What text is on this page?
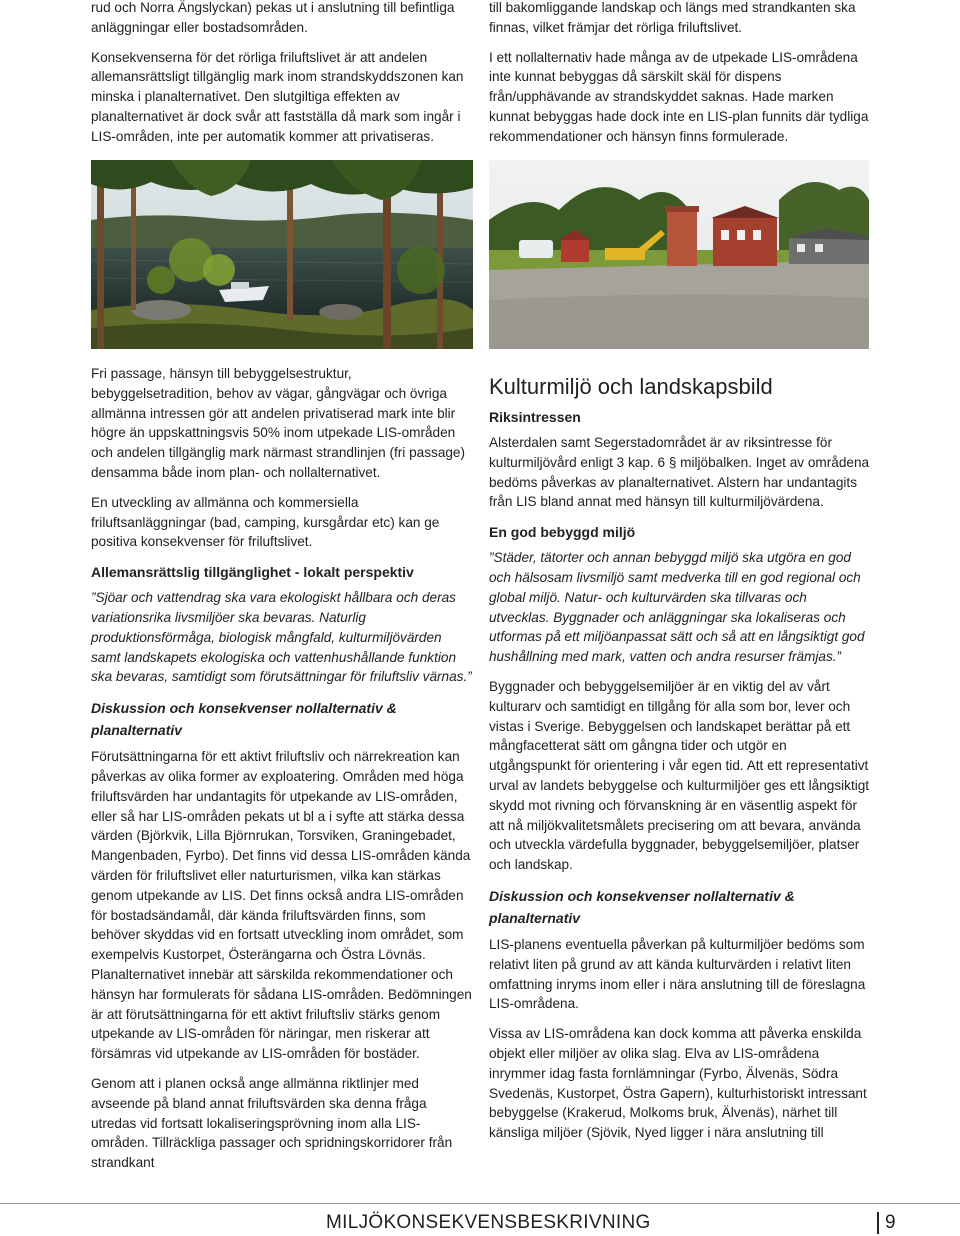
rud och Norra Ängslyckan) pekas ut i anslutning till befintliga anläggningar eller bostadsområden.

Konsekvenserna för det rörliga friluftslivet är att andelen allemansrättsligt tillgänglig mark inom strandskyddszonen kan minska i planalternativet. Den slutgiltiga effekten av planalternativet är dock svår att fastställa då mark som ingår i LIS-områden, inte per automatik kommer att privatiseras.

till bakomliggande landskap och längs med strandkanten ska finnas, vilket främjar det rörliga friluftslivet.

I ett nollalternativ hade många av de utpekade LIS-områdena inte kunnat bebyggas då särskilt skäl för dispens från/upphävande av strandskyddet saknas. Hade marken kunnat bebyggas hade dock inte en LIS-plan funnits där tydliga rekommendationer och hänsyn finns formulerade.

Fri passage, hänsyn till bebyggelsestruktur, bebyggelsetradition, behov av vägar, gångvägar och övriga allmänna intressen gör att andelen privatiserad mark inte blir högre än uppskattningsvis 50% inom utpekade LIS-områden och andelen tillgänglig mark närmast strandlinjen (fri passage) densamma både inom plan- och nollalternativet.

En utveckling av allmänna och kommersiella friluftsanläggningar (bad, camping, kursgårdar etc) kan ge positiva konsekvenser för friluftslivet.

Allemansrättslig tillgänglighet - lokalt perspektiv

”Sjöar och vattendrag ska vara ekologiskt hållbara och deras variationsrika livsmiljöer ska bevaras. Naturlig produktionsförmåga, biologisk mångfald, kulturmiljövärden samt landskapets ekologiska och vattenhushållande funktion ska bevaras, samtidigt som förutsättningar för friluftsliv värnas.”

Diskussion och konsekvenser nollalternativ & planalternativ

Förutsättningarna för ett aktivt friluftsliv och närrekreation kan påverkas av olika former av exploatering. Områden med höga friluftsvärden har undantagits för utpekande av LIS-områden, eller så har LIS-områden pekats ut bl a i syfte att stärka dessa värden (Björkvik, Lilla Björnrukan, Torsviken, Graningebadet, Mangenbaden, Fyrbo). Det finns vid dessa LIS-områden kända värden för friluftslivet eller naturturismen, vilka kan stärkas genom utpekande av LIS. Det finns också andra LIS-områden för bostadsändamål, där kända friluftsvärden finns, som behöver skyddas vid en fortsatt utveckling inom området, som exempelvis Kustorpet, Österängarna och Östra Lövnäs. Planalternativet innebär att särskilda rekommendationer och hänsyn har formulerats för sådana LIS-områden. Bedömningen är att förutsättningarna för ett aktivt friluftsliv stärks genom utpekande av LIS-områden för näringar, men riskerar att försämras vid utpekande av LIS-områden för bostäder.

Genom att i planen också ange allmänna riktlinjer med avseende på bland annat friluftsvärden ska denna fråga utredas vid fortsatt lokaliseringsprövning inom alla LIS-områden. Tillräckliga passager och spridningskorridorer från strandkant

Kulturmiljö och landskapsbild
Riksintressen

Alsterdalen samt Segerstadområdet är av riksintresse för kulturmiljövård enligt 3 kap. 6 § miljöbalken. Inget av områdena bedöms påverkas av planalternativet. Alstern har undantagits från LIS bland annat med hänsyn till kulturmiljövärdena.

En god bebyggd miljö

”Städer, tätorter och annan bebyggd miljö ska utgöra en god och hälsosam livsmiljö samt medverka till en god regional och global miljö. Natur- och kulturvärden ska tillvaras och utvecklas. Byggnader och anläggningar ska lokaliseras och utformas på ett miljöanpassat sätt och så att en långsiktigt god hushållning med mark, vatten och andra resurser främjas.”

Byggnader och bebyggelsemiljöer är en viktig del av vårt kulturarv och samtidigt en tillgång för alla som bor, lever och vistas i Sverige. Bebyggelsen och landskapet berättar på ett mångfacetterat sätt om gångna tider och utgör en utgångspunkt för orientering i vår egen tid. Att ett representativt urval av landets bebyggelse och kulturmiljöer ges ett långsiktigt skydd mot rivning och förvanskning är en väsentlig aspekt för att nå miljökvalitetsmålets precisering om att bevara, använda och utveckla värdefulla byggnader, bebyggelsemiljöer, platser och landskap.

Diskussion och konsekvenser nollalternativ & planalternativ

LIS-planens eventuella påverkan på kulturmiljöer bedöms som relativt liten på grund av att kända kulturvärden i relativt liten omfattning inryms inom eller i nära anslutning till de föreslagna LIS-områdena.

Vissa av LIS-områdena kan dock komma att påverka enskilda objekt eller miljöer av olika slag. Elva av LIS-områdena inrymmer idag fasta fornlämningar (Fyrbo, Älvenäs, Södra Svedenäs, Kustorpet, Östra Gapern), kulturhistoriskt intressant bebyggelse (Krakerud, Molkoms bruk, Älvenäs), närhet till känsliga miljöer (Sjövik, Nyed ligger i nära anslutning till

MILJÖKONSEKVENSBESKRIVNING	9
